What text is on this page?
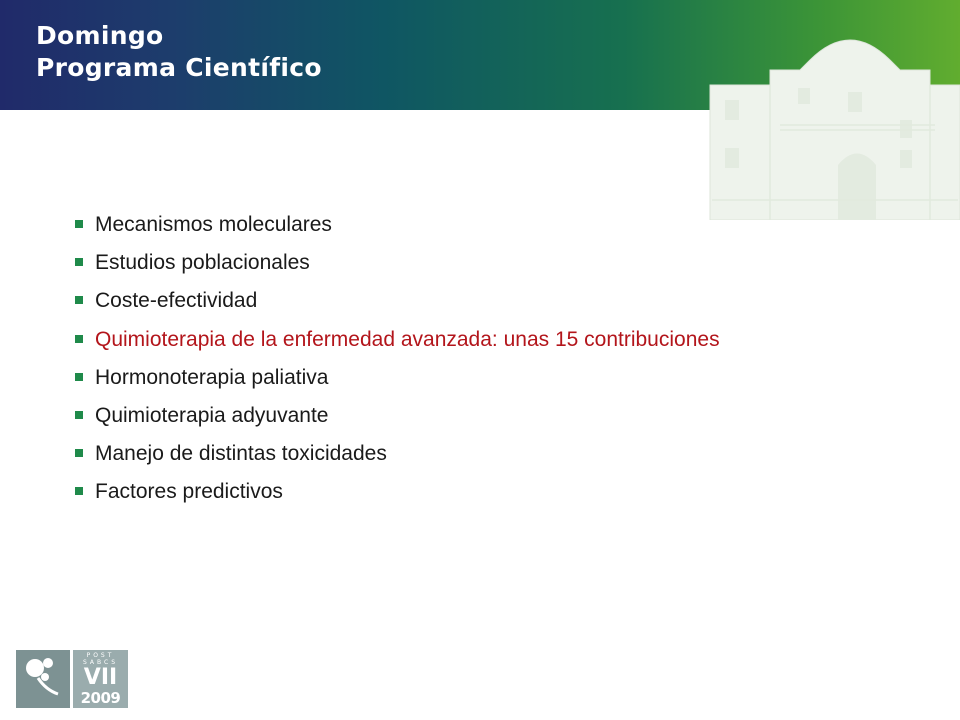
Domingo
Programa Científico
Mecanismos moleculares
Estudios poblacionales
Coste-efectividad
Quimioterapia de la enfermedad avanzada: unas 15 contribuciones
Hormonoterapia paliativa
Quimioterapia adyuvante
Manejo de distintas toxicidades
Factores predictivos
POST
SABCS
VII
2009
